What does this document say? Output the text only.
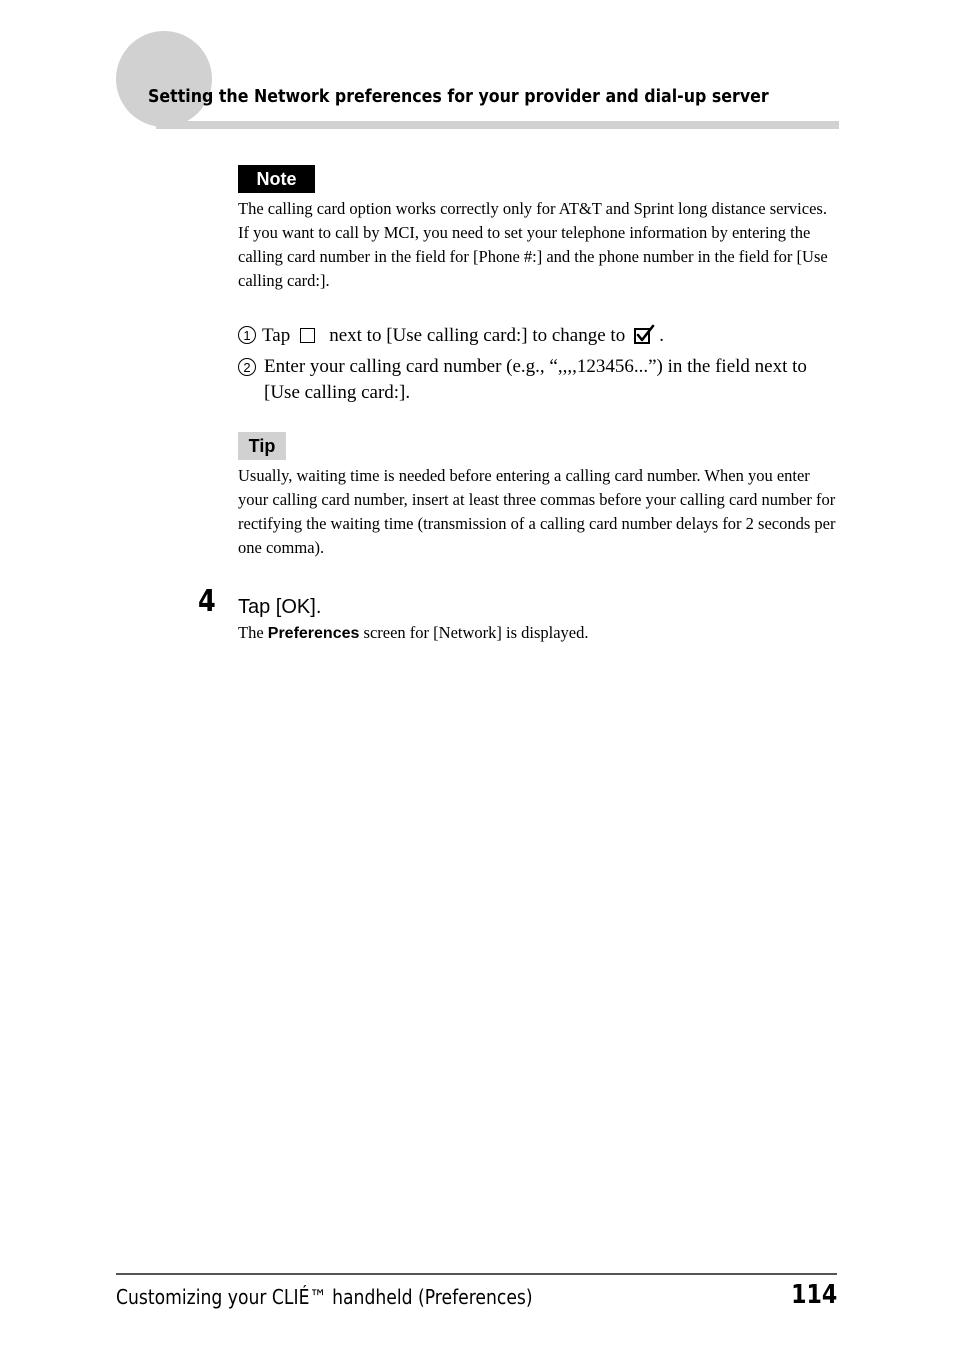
Setting the Network preferences for your provider and dial-up server
Note

The calling card option works correctly only for AT&T and Sprint long distance services. If you want to call by MCI, you need to set your telephone information by entering the calling card number in the field for [Phone #:] and the phone number in the field for [Use calling card:].

1 Tap next to [Use calling card:] to change to .
2 Enter your calling card number (e.g., “,,,,123456...”) in the field next to [Use calling card:].
Tip

Usually, waiting time is needed before entering a calling card number. When you enter your calling card number, insert at least three commas before your calling card number for rectifying the waiting time (transmission of a calling card number delays for 2 seconds per one comma).

4 Tap [OK].
The Preferences screen for [Network] is displayed.
Customizing your CLIÉ™ handheld (Preferences)	114
